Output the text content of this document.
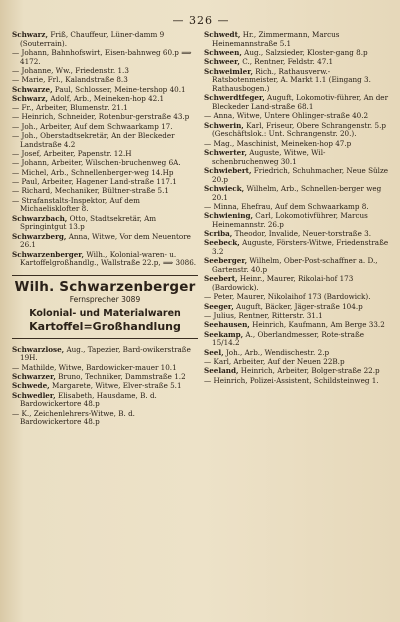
— 326 —
Schwarz, Friß, Chauffeur, Lüner-damm 9 (Souterrain).
— Johann, Bahnhofswirt, Eisen-bahnweg 60.p ⟹ 4172.
— Johanne, Ww., Friedenstr. 1.3
— Marie, Frl., Kalandstraße 8.3
Schwarze, Paul, Schlosser, Meine-tershop 40.1
Schwarz, Adolf, Arb., Meineken-hop 42.1
— Fr., Arbeiter, Blumenstr. 21.1
— Heinrich, Schneider, Rotenbur-gerstraße 43.p
— Joh., Arbeiter, Auf dem Schwaarkamp 17.
— Joh., Oberstadtsekretär, An der Bleckeder Landstraße 4.2
— Josef, Arbeiter, Papenstr. 12.H
— Johann, Arbeiter, Wilschen-bruchenweg 6A.
— Michel, Arb., Schnellenberger-weg 14.Hp
— Paul, Arbeiter, Hagener Land-straße 117.1
— Richard, Mechaniker, Bültner-straße 5.1
— Strafanstalts-Inspektor, Auf dem Michaelisklofter 8.
Schwarzbach, Otto, Stadtsekretär, Am Springintgut 13.p
Schwarzberg, Anna, Witwe, Vor dem Neuentore 26.1
Schwarzenberger, Wilh., Kolonial-waren- u. Kartoffelgroßhandlg., Wallstraße 22.p, ⟹ 3086.
Wilh. Schwarzenberger
Fernsprecher 3089
Kolonial- und Materialwaren
Kartoffel=Großhandlung
Schwarzlose, Aug., Tapezier, Bard-owikerstraße 19H.
— Mathilde, Witwe, Bardowicker-mauer 10.1
Schwarzer, Bruno, Techniker, Dammstraße 1.2
Schwede, Margarete, Witwe, Elver-straße 5.1
Schwedler, Elisabeth, Hausdame, B. d. Bardowickertore 48.p
— K., Zeichenlehrers-Witwe, B. d. Bardowickertore 48.p
Schwedt, Hr., Zimmermann, Marcus Heinemannstraße 5.1
Schween, Aug., Salzsieder, Kloster-gang 8.p
Schweer, C., Rentner, Feldstr. 47.1
Schweimler, Rich., Rathausverw.-Ratsbotenmeister, A. Markt 1.1 (Eingang 3. Rathausbogen.)
Schwerdtfeger, Auguft, Lokomotiv-führer, An der Bleckeder Land-straße 68.1
— Anna, Witwe, Untere Ohlinger-straße 40.2
Schwerin, Karl, Friseur, Obere Schrangenstr. 5.p (Geschäftslok.: Unt. Schrangenstr. 20.).
— Mag., Maschinist, Meineken-hop 47.p
Schwerter, Auguste, Witwe, Wil-schenbruchenweg 30.1
Schwiebert, Friedrich, Schuhmacher, Neue Sülze 20.p
Schwieck, Wilhelm, Arb., Schnellen-berger weg 20.1
— Minna, Ehefrau, Auf dem Schwaarkamp 8.
Schwiening, Carl, Lokomotivführer, Marcus Heinemannstr. 26.p
Scriba, Theodor, Invalide, Neuer-torstraße 3.
Seebeck, Auguste, Försters-Witwe, Friedenstraße 3.2
Seeberger, Wilhelm, Ober-Post-schaffner a. D., Gartenstr. 40.p
Seebert, Heinr., Maurer, Rikolai-hof 173 (Bardowick).
— Peter, Maurer, Nikolaihof 173 (Bardowick).
Seeger, Auguft, Bäcker, Jäger-straße 104.p
— Julius, Rentner, Ritterstr. 31.1
Seehausen, Heinrich, Kaufmann, Am Berge 33.2
Seekamp, A., Oberlandmesser, Rote-straße 15/14.2
Seel, Joh., Arb., Wendischestr. 2.p
— Karl, Arbeiter, Auf der Neuen 22B.p
Seeland, Heinrich, Arbeiter, Bolger-straße 22.p
— Heinrich, Polizei-Assistent, Schildsteinweg 1.
